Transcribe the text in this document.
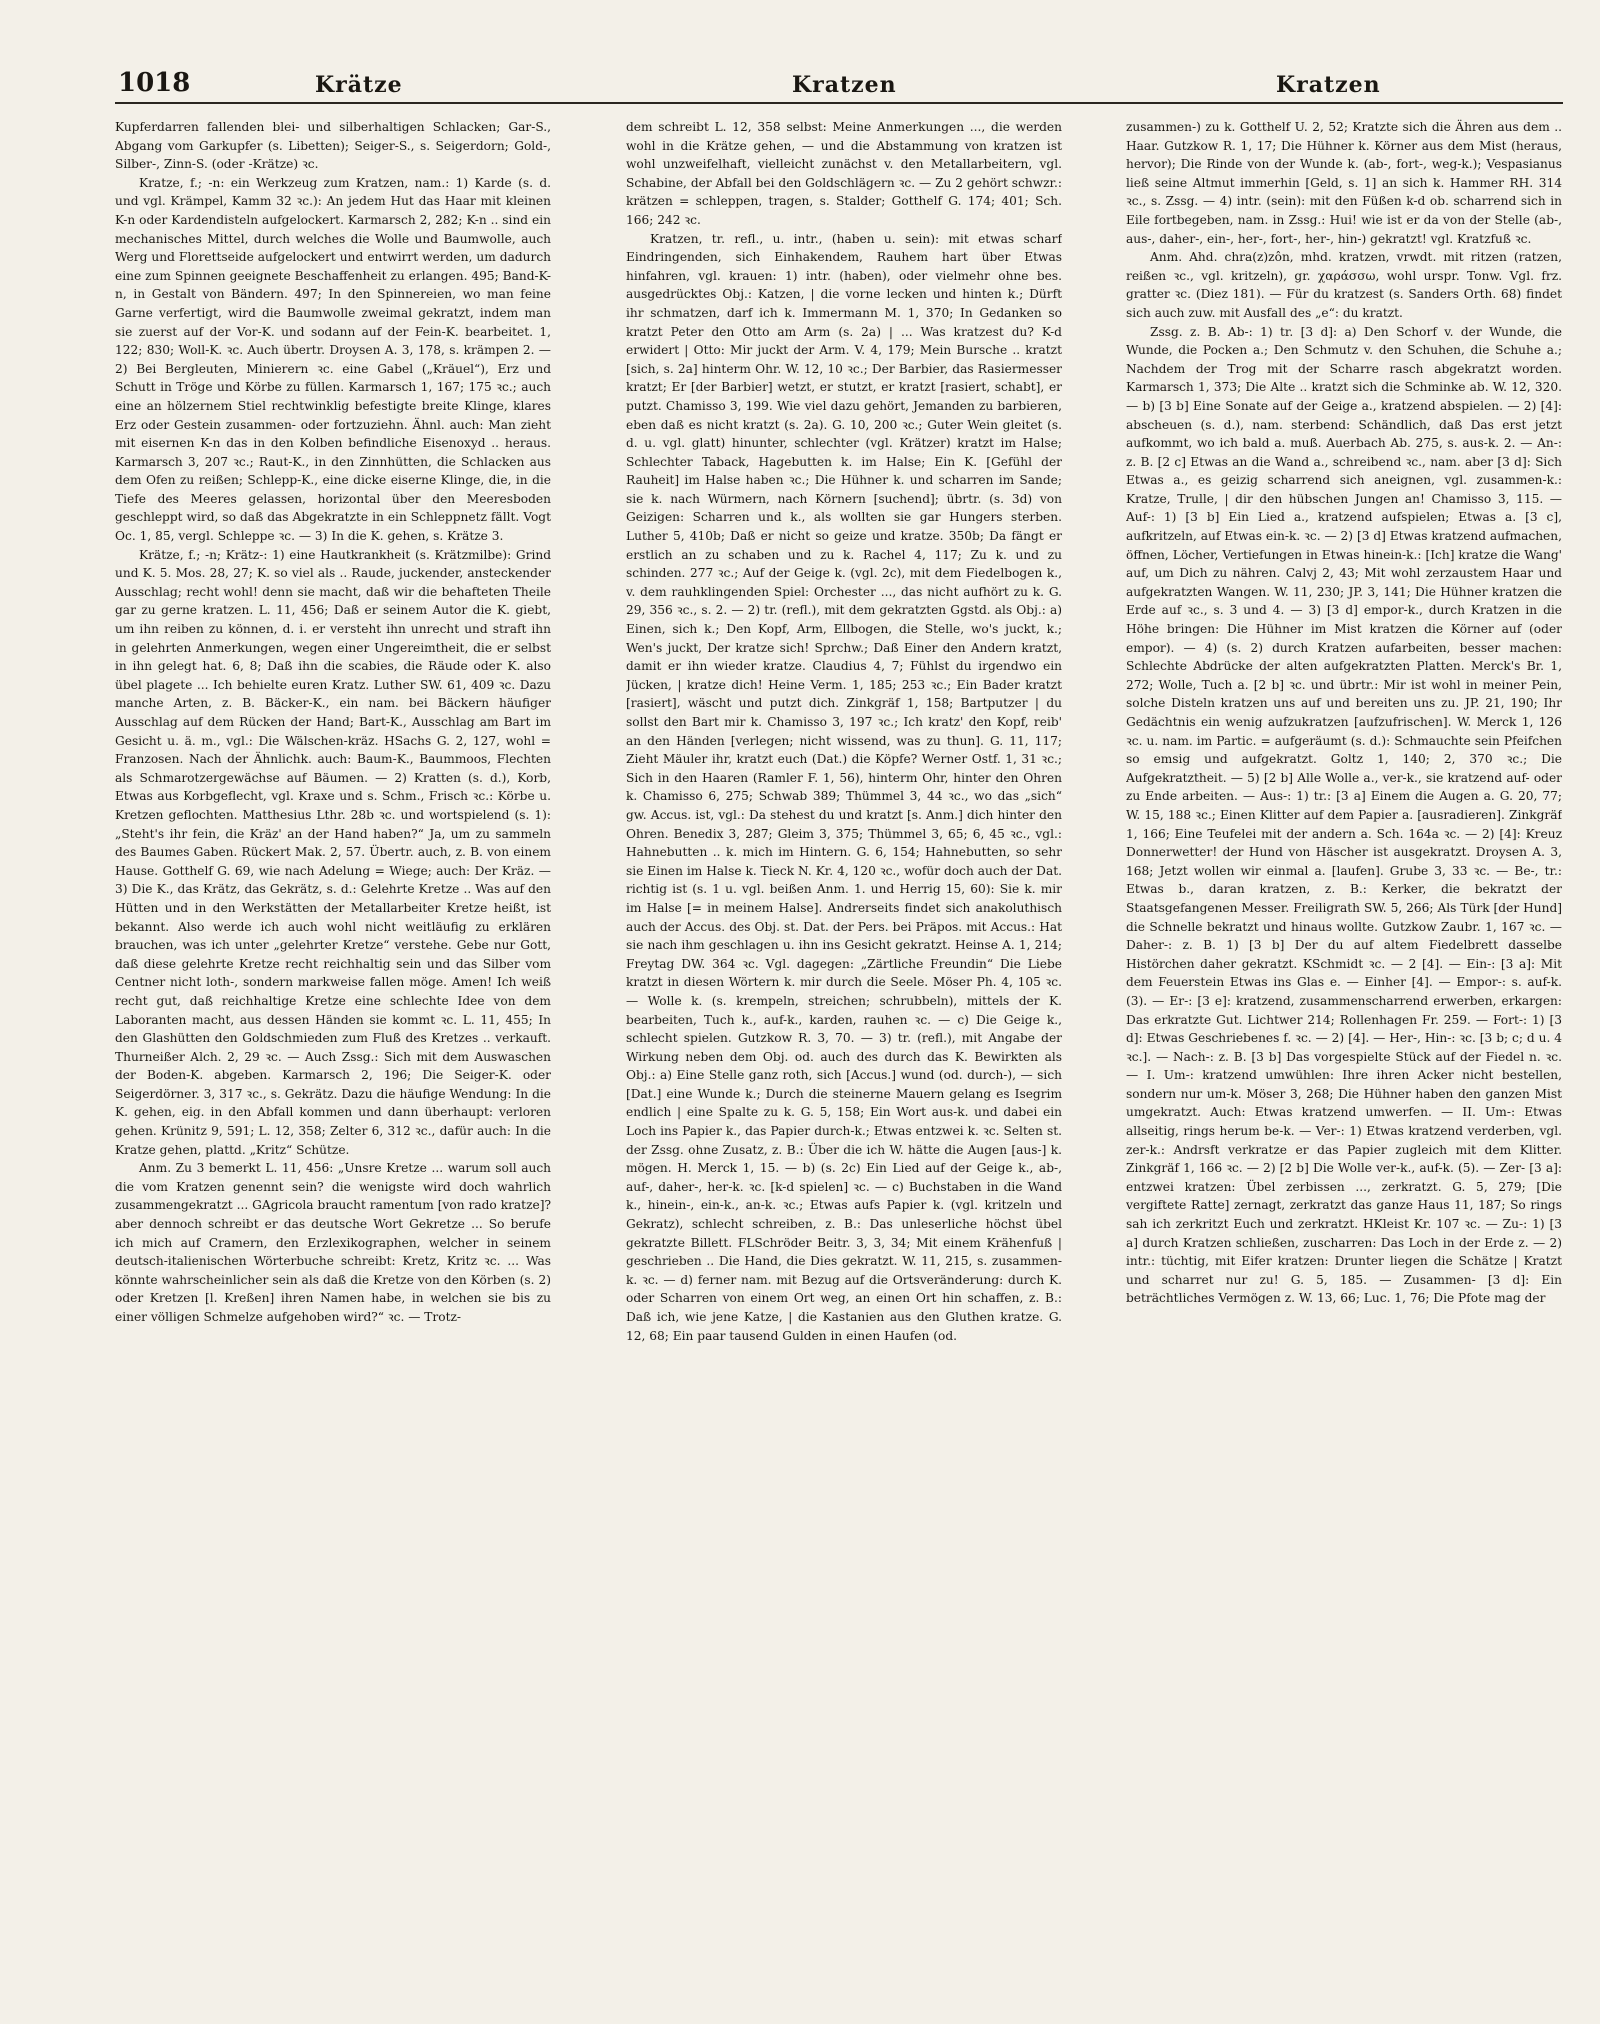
1018	Krätze	Kratzen	Kratzen

Kupferdarren fallenden blei- und silberhaltigen Schlacken; Gar-S., Abgang vom Garkupfer (s. Libetten); Seiger-S., s. Seigerdorn; Gold-, Silber-, Zinn-S. (oder -Krätze) ꝛc.

Kratze, f.; -n: ein Werkzeug zum Kratzen, nam.: 1) Karde (s. d. und vgl. Krämpel, Kamm 32 ꝛc.): An jedem Hut das Haar mit kleinen K-n oder Kardendisteln aufgelockert. Karmarsch 2, 282; K-n .. sind ein mechanisches Mittel, durch welches die Wolle und Baumwolle, auch Werg und Florettseide aufgelockert und entwirrt werden, um dadurch eine zum Spinnen geeignete Beschaffenheit zu erlangen. 495; Band-K-n, in Gestalt von Bändern. 497; In den Spinnereien, wo man feine Garne verfertigt, wird die Baumwolle zweimal gekratzt, indem man sie zuerst auf der Vor-K. und sodann auf der Fein-K. bearbeitet. 1, 122; 830; Woll-K. ꝛc. Auch übertr. Droysen A. 3, 178, s. krämpen 2. — 2) Bei Bergleuten, Minierern ꝛc. eine Gabel („Kräuel“), Erz und Schutt in Tröge und Körbe zu füllen. Karmarsch 1, 167; 175 ꝛc.; auch eine an hölzernem Stiel rechtwinklig befestigte breite Klinge, klares Erz oder Gestein zusammen- oder fortzuziehn. Ähnl. auch: Man zieht mit eisernen K-n das in den Kolben befindliche Eisenoxyd .. heraus. Karmarsch 3, 207 ꝛc.; Raut-K., in den Zinnhütten, die Schlacken aus dem Ofen zu reißen; Schlepp-K., eine dicke eiserne Klinge, die, in die Tiefe des Meeres gelassen, horizontal über den Meeresboden geschleppt wird, so daß das Abgekratzte in ein Schleppnetz fällt. Vogt Oc. 1, 85, vergl. Schleppe ꝛc. — 3) In die K. gehen, s. Krätze 3.

Krätze, f.; -n; Krätz-: 1) eine Hautkrankheit (s. Krätzmilbe): Grind und K. 5. Mos. 28, 27; K. so viel als .. Raude, juckender, ansteckender Ausschlag; recht wohl! denn sie macht, daß wir die behafteten Theile gar zu gerne kratzen. L. 11, 456; Daß er seinem Autor die K. giebt, um ihn reiben zu können, d. i. er versteht ihn unrecht und straft ihn in gelehrten Anmerkungen, wegen einer Ungereimtheit, die er selbst in ihn gelegt hat. 6, 8; Daß ihn die scabies, die Räude oder K. also übel plagete ... Ich behielte euren Kratz. Luther SW. 61, 409 ꝛc. Dazu manche Arten, z. B. Bäcker-K., ein nam. bei Bäckern häufiger Ausschlag auf dem Rücken der Hand; Bart-K., Ausschlag am Bart im Gesicht u. ä. m., vgl.: Die Wälschen-kräz. HSachs G. 2, 127, wohl = Franzosen. Nach der Ähnlichk. auch: Baum-K., Baummoos, Flechten als Schmarotzergewächse auf Bäumen. — 2) Kratten (s. d.), Korb, Etwas aus Korbgeflecht, vgl. Kraxe und s. Schm., Frisch ꝛc.: Körbe u. Kretzen geflochten. Matthesius Lthr. 28b ꝛc. und wortspielend (s. 1): „Steht's ihr fein, die Kräz' an der Hand haben?“ Ja, um zu sammeln des Baumes Gaben. Rückert Mak. 2, 57. Übertr. auch, z. B. von einem Hause. Gotthelf G. 69, wie nach Adelung = Wiege; auch: Der Kräz. — 3) Die K., das Krätz, das Gekrätz, s. d.: Gelehrte Kretze .. Was auf den Hütten und in den Werkstätten der Metallarbeiter Kretze heißt, ist bekannt. Also werde ich auch wohl nicht weitläufig zu erklären brauchen, was ich unter „gelehrter Kretze“ verstehe. Gebe nur Gott, daß diese gelehrte Kretze recht reichhaltig sein und das Silber vom Centner nicht loth-, sondern markweise fallen möge. Amen! Ich weiß recht gut, daß reichhaltige Kretze eine schlechte Idee von dem Laboranten macht, aus dessen Händen sie kommt ꝛc. L. 11, 455; In den Glashütten den Goldschmieden zum Fluß des Kretzes .. verkauft. Thurneißer Alch. 2, 29 ꝛc. — Auch Zssg.: Sich mit dem Auswaschen der Boden-K. abgeben. Karmarsch 2, 196; Die Seiger-K. oder Seigerdörner. 3, 317 ꝛc., s. Gekrätz. Dazu die häufige Wendung: In die K. gehen, eig. in den Abfall kommen und dann überhaupt: verloren gehen. Krünitz 9, 591; L. 12, 358; Zelter 6, 312 ꝛc., dafür auch: In die Kratze gehen, plattd. „Kritz“ Schütze.

Anm. Zu 3 bemerkt L. 11, 456: „Unsre Kretze ... warum soll auch die vom Kratzen genennt sein? die wenigste wird doch wahrlich zusammengekratzt ... GAgricola braucht ramentum [von rado kratze]? aber dennoch schreibt er das deutsche Wort Gekretze ... So berufe ich mich auf Cramern, den Erzlexikographen, welcher in seinem deutsch-italienischen Wörterbuche schreibt: Kretz, Kritz ꝛc. ... Was könnte wahrscheinlicher sein als daß die Kretze von den Körben (s. 2) oder Kretzen [l. Kreßen] ihren Namen habe, in welchen sie bis zu einer völligen Schmelze aufgehoben wird?“ ꝛc. — Trotz-

dem schreibt L. 12, 358 selbst: Meine Anmerkungen ..., die werden wohl in die Krätze gehen, — und die Abstammung von kratzen ist wohl unzweifelhaft, vielleicht zunächst v. den Metallarbeitern, vgl. Schabine, der Abfall bei den Goldschlägern ꝛc. — Zu 2 gehört schwzr.: krätzen = schleppen, tragen, s. Stalder; Gotthelf G. 174; 401; Sch. 166; 242 ꝛc.

Kratzen, tr. refl., u. intr., (haben u. sein): mit etwas scharf Eindringenden, sich Einhakendem, Rauhem hart über Etwas hinfahren, vgl. krauen: 1) intr. (haben), oder vielmehr ohne bes. ausgedrücktes Obj.: Katzen, | die vorne lecken und hinten k.; Dürft ihr schmatzen, darf ich k. Immermann M. 1, 370; In Gedanken so kratzt Peter den Otto am Arm (s. 2a) | ... Was kratzest du? K-d erwidert | Otto: Mir juckt der Arm. V. 4, 179; Mein Bursche .. kratzt [sich, s. 2a] hinterm Ohr. W. 12, 10 ꝛc.; Der Barbier, das Rasiermesser kratzt; Er [der Barbier] wetzt, er stutzt, er kratzt [rasiert, schabt], er putzt. Chamisso 3, 199. Wie viel dazu gehört, Jemanden zu barbieren, eben daß es nicht kratzt (s. 2a). G. 10, 200 ꝛc.; Guter Wein gleitet (s. d. u. vgl. glatt) hinunter, schlechter (vgl. Krätzer) kratzt im Halse; Schlechter Taback, Hagebutten k. im Halse; Ein K. [Gefühl der Rauheit] im Halse haben ꝛc.; Die Hühner k. und scharren im Sande; sie k. nach Würmern, nach Körnern [suchend]; übrtr. (s. 3d) von Geizigen: Scharren und k., als wollten sie gar Hungers sterben. Luther 5, 410b; Daß er nicht so geize und kratze. 350b; Da fängt er erstlich an zu schaben und zu k. Rachel 4, 117; Zu k. und zu schinden. 277 ꝛc.; Auf der Geige k. (vgl. 2c), mit dem Fiedelbogen k., v. dem rauhklingenden Spiel: Orchester ..., das nicht aufhört zu k. G. 29, 356 ꝛc., s. 2. — 2) tr. (refl.), mit dem gekratzten Ggstd. als Obj.: a) Einen, sich k.; Den Kopf, Arm, Ellbogen, die Stelle, wo's juckt, k.; Wen's juckt, Der kratze sich! Sprchw.; Daß Einer den Andern kratzt, damit er ihn wieder kratze. Claudius 4, 7; Fühlst du irgendwo ein Jücken, | kratze dich! Heine Verm. 1, 185; 253 ꝛc.; Ein Bader kratzt [rasiert], wäscht und putzt dich. Zinkgräf 1, 158; Bartputzer | du sollst den Bart mir k. Chamisso 3, 197 ꝛc.; Ich kratz' den Kopf, reib' an den Händen [verlegen; nicht wissend, was zu thun]. G. 11, 117; Zieht Mäuler ihr, kratzt euch (Dat.) die Köpfe? Werner Ostf. 1, 31 ꝛc.; Sich in den Haaren (Ramler F. 1, 56), hinterm Ohr, hinter den Ohren k. Chamisso 6, 275; Schwab 389; Thümmel 3, 44 ꝛc., wo das „sich“ gw. Accus. ist, vgl.: Da stehest du und kratzt [s. Anm.] dich hinter den Ohren. Benedix 3, 287; Gleim 3, 375; Thümmel 3, 65; 6, 45 ꝛc., vgl.: Hahnebutten .. k. mich im Hintern. G. 6, 154; Hahnebutten, so sehr sie Einen im Halse k. Tieck N. Kr. 4, 120 ꝛc., wofür doch auch der Dat. richtig ist (s. 1 u. vgl. beißen Anm. 1. und Herrig 15, 60): Sie k. mir im Halse [= in meinem Halse]. Andrerseits findet sich anakoluthisch auch der Accus. des Obj. st. Dat. der Pers. bei Präpos. mit Accus.: Hat sie nach ihm geschlagen u. ihn ins Gesicht gekratzt. Heinse A. 1, 214; Freytag DW. 364 ꝛc. Vgl. dagegen: „Zärtliche Freundin“ Die Liebe kratzt in diesen Wörtern k. mir durch die Seele. Möser Ph. 4, 105 ꝛc. — Wolle k. (s. krempeln, streichen; schrubbeln), mittels der K. bearbeiten, Tuch k., auf-k., karden, rauhen ꝛc. — c) Die Geige k., schlecht spielen. Gutzkow R. 3, 70. — 3) tr. (refl.), mit Angabe der Wirkung neben dem Obj. od. auch des durch das K. Bewirkten als Obj.: a) Eine Stelle ganz roth, sich [Accus.] wund (od. durch-), — sich [Dat.] eine Wunde k.; Durch die steinerne Mauern gelang es Isegrim endlich | eine Spalte zu k. G. 5, 158; Ein Wort aus-k. und dabei ein Loch ins Papier k., das Papier durch-k.; Etwas entzwei k. ꝛc. Selten st. der Zssg. ohne Zusatz, z. B.: Über die ich W. hätte die Augen [aus-] k. mögen. H. Merck 1, 15. — b) (s. 2c) Ein Lied auf der Geige k., ab-, auf-, daher-, her-k. ꝛc. [k-d spielen] ꝛc. — c) Buchstaben in die Wand k., hinein-, ein-k., an-k. ꝛc.; Etwas aufs Papier k. (vgl. kritzeln und Gekratz), schlecht schreiben, z. B.: Das unleserliche höchst übel gekratzte Billett. FLSchröder Beitr. 3, 3, 34; Mit einem Krähenfuß | geschrieben .. Die Hand, die Dies gekratzt. W. 11, 215, s. zusammen-k. ꝛc. — d) ferner nam. mit Bezug auf die Ortsveränderung: durch K. oder Scharren von einem Ort weg, an einen Ort hin schaffen, z. B.: Daß ich, wie jene Katze, | die Kastanien aus den Gluthen kratze. G. 12, 68; Ein paar tausend Gulden in einen Haufen (od.

zusammen-) zu k. Gotthelf U. 2, 52; Kratzte sich die Ähren aus dem .. Haar. Gutzkow R. 1, 17; Die Hühner k. Körner aus dem Mist (heraus, hervor); Die Rinde von der Wunde k. (ab-, fort-, weg-k.); Vespasianus ließ seine Altmut immerhin [Geld, s. 1] an sich k. Hammer RH. 314 ꝛc., s. Zssg. — 4) intr. (sein): mit den Füßen k-d ob. scharrend sich in Eile fortbegeben, nam. in Zssg.: Hui! wie ist er da von der Stelle (ab-, aus-, daher-, ein-, her-, fort-, her-, hin-) gekratzt! vgl. Kratzfuß ꝛc.

Anm. Ahd. chra(z)zôn, mhd. kratzen, vrwdt. mit ritzen (ratzen, reißen ꝛc., vgl. kritzeln), gr. χαράσσω, wohl urspr. Tonw. Vgl. frz. gratter ꝛc. (Diez 181). — Für du kratzest (s. Sanders Orth. 68) findet sich auch zuw. mit Ausfall des „e“: du kratzt.

Zssg. z. B. Ab-: 1) tr. [3 d]: a) Den Schorf v. der Wunde, die Wunde, die Pocken a.; Den Schmutz v. den Schuhen, die Schuhe a.; Nachdem der Trog mit der Scharre rasch abgekratzt worden. Karmarsch 1, 373; Die Alte .. kratzt sich die Schminke ab. W. 12, 320. — b) [3 b] Eine Sonate auf der Geige a., kratzend abspielen. — 2) [4]: abscheuen (s. d.), nam. sterbend: Schändlich, daß Das erst jetzt aufkommt, wo ich bald a. muß. Auerbach Ab. 275, s. aus-k. 2. — An-: z. B. [2 c] Etwas an die Wand a., schreibend ꝛc., nam. aber [3 d]: Sich Etwas a., es geizig scharrend sich aneignen, vgl. zusammen-k.: Kratze, Trulle, | dir den hübschen Jungen an! Chamisso 3, 115. — Auf-: 1) [3 b] Ein Lied a., kratzend aufspielen; Etwas a. [3 c], aufkritzeln, auf Etwas ein-k. ꝛc. — 2) [3 d] Etwas kratzend aufmachen, öffnen, Löcher, Vertiefungen in Etwas hinein-k.: [Ich] kratze die Wang' auf, um Dich zu nähren. Calvj 2, 43; Mit wohl zerzaustem Haar und aufgekratzten Wangen. W. 11, 230; JP. 3, 141; Die Hühner kratzen die Erde auf ꝛc., s. 3 und 4. — 3) [3 d] empor-k., durch Kratzen in die Höhe bringen: Die Hühner im Mist kratzen die Körner auf (oder empor). — 4) (s. 2) durch Kratzen aufarbeiten, besser machen: Schlechte Abdrücke der alten aufgekratzten Platten. Merck's Br. 1, 272; Wolle, Tuch a. [2 b] ꝛc. und übrtr.: Mir ist wohl in meiner Pein, solche Disteln kratzen uns auf und bereiten uns zu. JP. 21, 190; Ihr Gedächtnis ein wenig aufzukratzen [aufzufrischen]. W. Merck 1, 126 ꝛc. u. nam. im Partic. = aufgeräumt (s. d.): Schmauchte sein Pfeifchen so emsig und aufgekratzt. Goltz 1, 140; 2, 370 ꝛc.; Die Aufgekratztheit. — 5) [2 b] Alle Wolle a., ver-k., sie kratzend auf- oder zu Ende arbeiten. — Aus-: 1) tr.: [3 a] Einem die Augen a. G. 20, 77; W. 15, 188 ꝛc.; Einen Klitter auf dem Papier a. [ausradieren]. Zinkgräf 1, 166; Eine Teufelei mit der andern a. Sch. 164a ꝛc. — 2) [4]: Kreuz Donnerwetter! der Hund von Häscher ist ausgekratzt. Droysen A. 3, 168; Jetzt wollen wir einmal a. [laufen]. Grube 3, 33 ꝛc. — Be-, tr.: Etwas b., daran kratzen, z. B.: Kerker, die bekratzt der Staatsgefangenen Messer. Freiligrath SW. 5, 266; Als Türk [der Hund] die Schnelle bekratzt und hinaus wollte. Gutzkow Zaubr. 1, 167 ꝛc. — Daher-: z. B. 1) [3 b] Der du auf altem Fiedelbrett dasselbe Histörchen daher gekratzt. KSchmidt ꝛc. — 2 [4]. — Ein-: [3 a]: Mit dem Feuerstein Etwas ins Glas e. — Einher [4]. — Empor-: s. auf-k. (3). — Er-: [3 e]: kratzend, zusammenscharrend erwerben, erkargen: Das erkratzte Gut. Lichtwer 214; Rollenhagen Fr. 259. — Fort-: 1) [3 d]: Etwas Geschriebenes f. ꝛc. — 2) [4]. — Her-, Hin-: ꝛc. [3 b; c; d u. 4 ꝛc.]. — Nach-: z. B. [3 b] Das vorgespielte Stück auf der Fiedel n. ꝛc. — I. Um-: kratzend umwühlen: Ihre ihren Acker nicht bestellen, sondern nur um-k. Möser 3, 268; Die Hühner haben den ganzen Mist umgekratzt. Auch: Etwas kratzend umwerfen. — II. Um-: Etwas allseitig, rings herum be-k. — Ver-: 1) Etwas kratzend verderben, vgl. zer-k.: Andrsft verkratze er das Papier zugleich mit dem Klitter. Zinkgräf 1, 166 ꝛc. — 2) [2 b] Die Wolle ver-k., auf-k. (5). — Zer- [3 a]: entzwei kratzen: Übel zerbissen ..., zerkratzt. G. 5, 279; [Die vergiftete Ratte] zernagt, zerkratzt das ganze Haus 11, 187; So rings sah ich zerkritzt Euch und zerkratzt. HKleist Kr. 107 ꝛc. — Zu-: 1) [3 a] durch Kratzen schließen, zuscharren: Das Loch in der Erde z. — 2) intr.: tüchtig, mit Eifer kratzen: Drunter liegen die Schätze | Kratzt und scharret nur zu! G. 5, 185. — Zusammen- [3 d]: Ein beträchtliches Vermögen z. W. 13, 66; Luc. 1, 76; Die Pfote mag der
